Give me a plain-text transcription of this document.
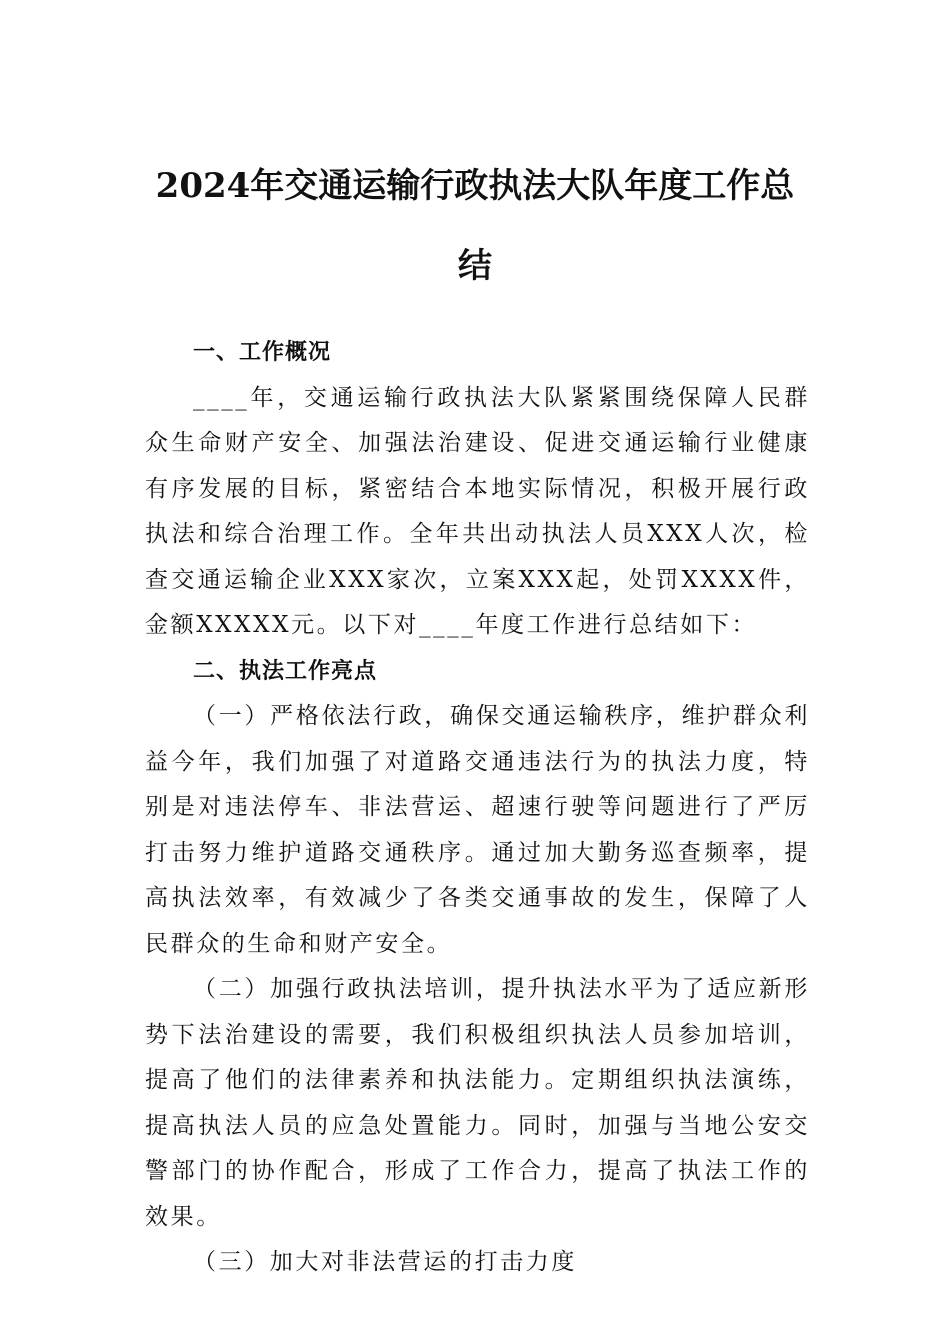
2024年交通运输行政执法大队年度工作总
结

一、工作概况

____年，交通运输行政执法大队紧紧围绕保障人民群众生命财产安全、加强法治建设、促进交通运输行业健康有序发展的目标，紧密结合本地实际情况，积极开展行政执法和综合治理工作。全年共出动执法人员XXX人次，检查交通运输企业XXX家次，立案XXX起，处罚XXXX件，金额XXXXX元。以下对____年度工作进行总结如下：

二、执法工作亮点

（一）严格依法行政，确保交通运输秩序，维护群众利益今年，我们加强了对道路交通违法行为的执法力度，特别是对违法停车、非法营运、超速行驶等问题进行了严厉打击努力维护道路交通秩序。通过加大勤务巡查频率，提高执法效率，有效减少了各类交通事故的发生，保障了人民群众的生命和财产安全。

（二）加强行政执法培训，提升执法水平为了适应新形势下法治建设的需要，我们积极组织执法人员参加培训，提高了他们的法律素养和执法能力。定期组织执法演练，提高执法人员的应急处置能力。同时，加强与当地公安交警部门的协作配合，形成了工作合力，提高了执法工作的效果。

（三）加大对非法营运的打击力度
